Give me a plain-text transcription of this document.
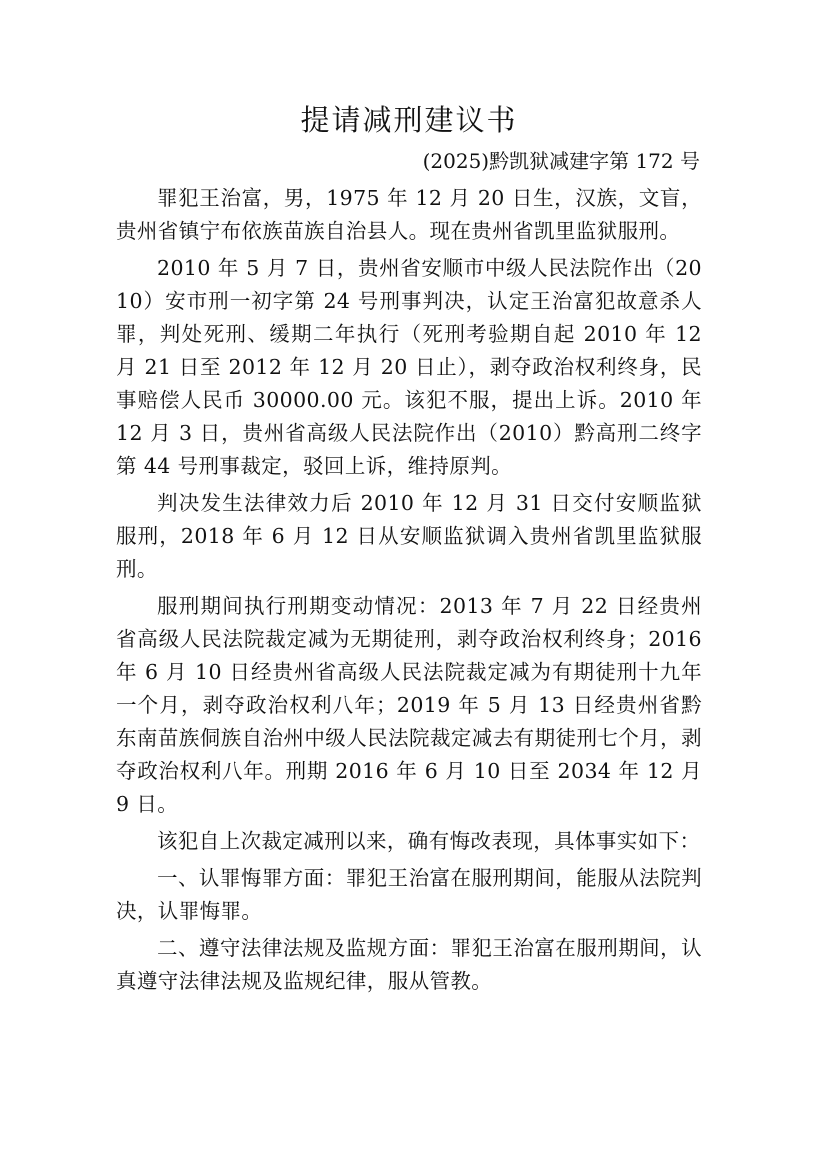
提请减刑建议书

(2025)黔凯狱减建字第 172 号

罪犯王治富，男，1975 年 12 月 20 日生，汉族，文盲，贵州省镇宁布依族苗族自治县人。现在贵州省凯里监狱服刑。

2010 年 5 月 7 日，贵州省安顺市中级人民法院作出（2010）安市刑一初字第 24 号刑事判决，认定王治富犯故意杀人罪，判处死刑、缓期二年执行（死刑考验期自起 2010 年 12 月 21 日至 2012 年 12 月 20 日止），剥夺政治权利终身，民事赔偿人民币 30000.00 元。该犯不服，提出上诉。2010 年 12 月 3 日，贵州省高级人民法院作出（2010）黔高刑二终字第 44 号刑事裁定，驳回上诉，维持原判。

判决发生法律效力后 2010 年 12 月 31 日交付安顺监狱服刑，2018 年 6 月 12 日从安顺监狱调入贵州省凯里监狱服刑。

服刑期间执行刑期变动情况：2013 年 7 月 22 日经贵州省高级人民法院裁定减为无期徒刑，剥夺政治权利终身；2016 年 6 月 10 日经贵州省高级人民法院裁定减为有期徒刑十九年一个月，剥夺政治权利八年；2019 年 5 月 13 日经贵州省黔东南苗族侗族自治州中级人民法院裁定减去有期徒刑七个月，剥夺政治权利八年。刑期 2016 年 6 月 10 日至 2034 年 12 月 9 日。

该犯自上次裁定减刑以来，确有悔改表现，具体事实如下：

一、认罪悔罪方面：罪犯王治富在服刑期间，能服从法院判决，认罪悔罪。

二、遵守法律法规及监规方面：罪犯王治富在服刑期间，认真遵守法律法规及监规纪律，服从管教。
